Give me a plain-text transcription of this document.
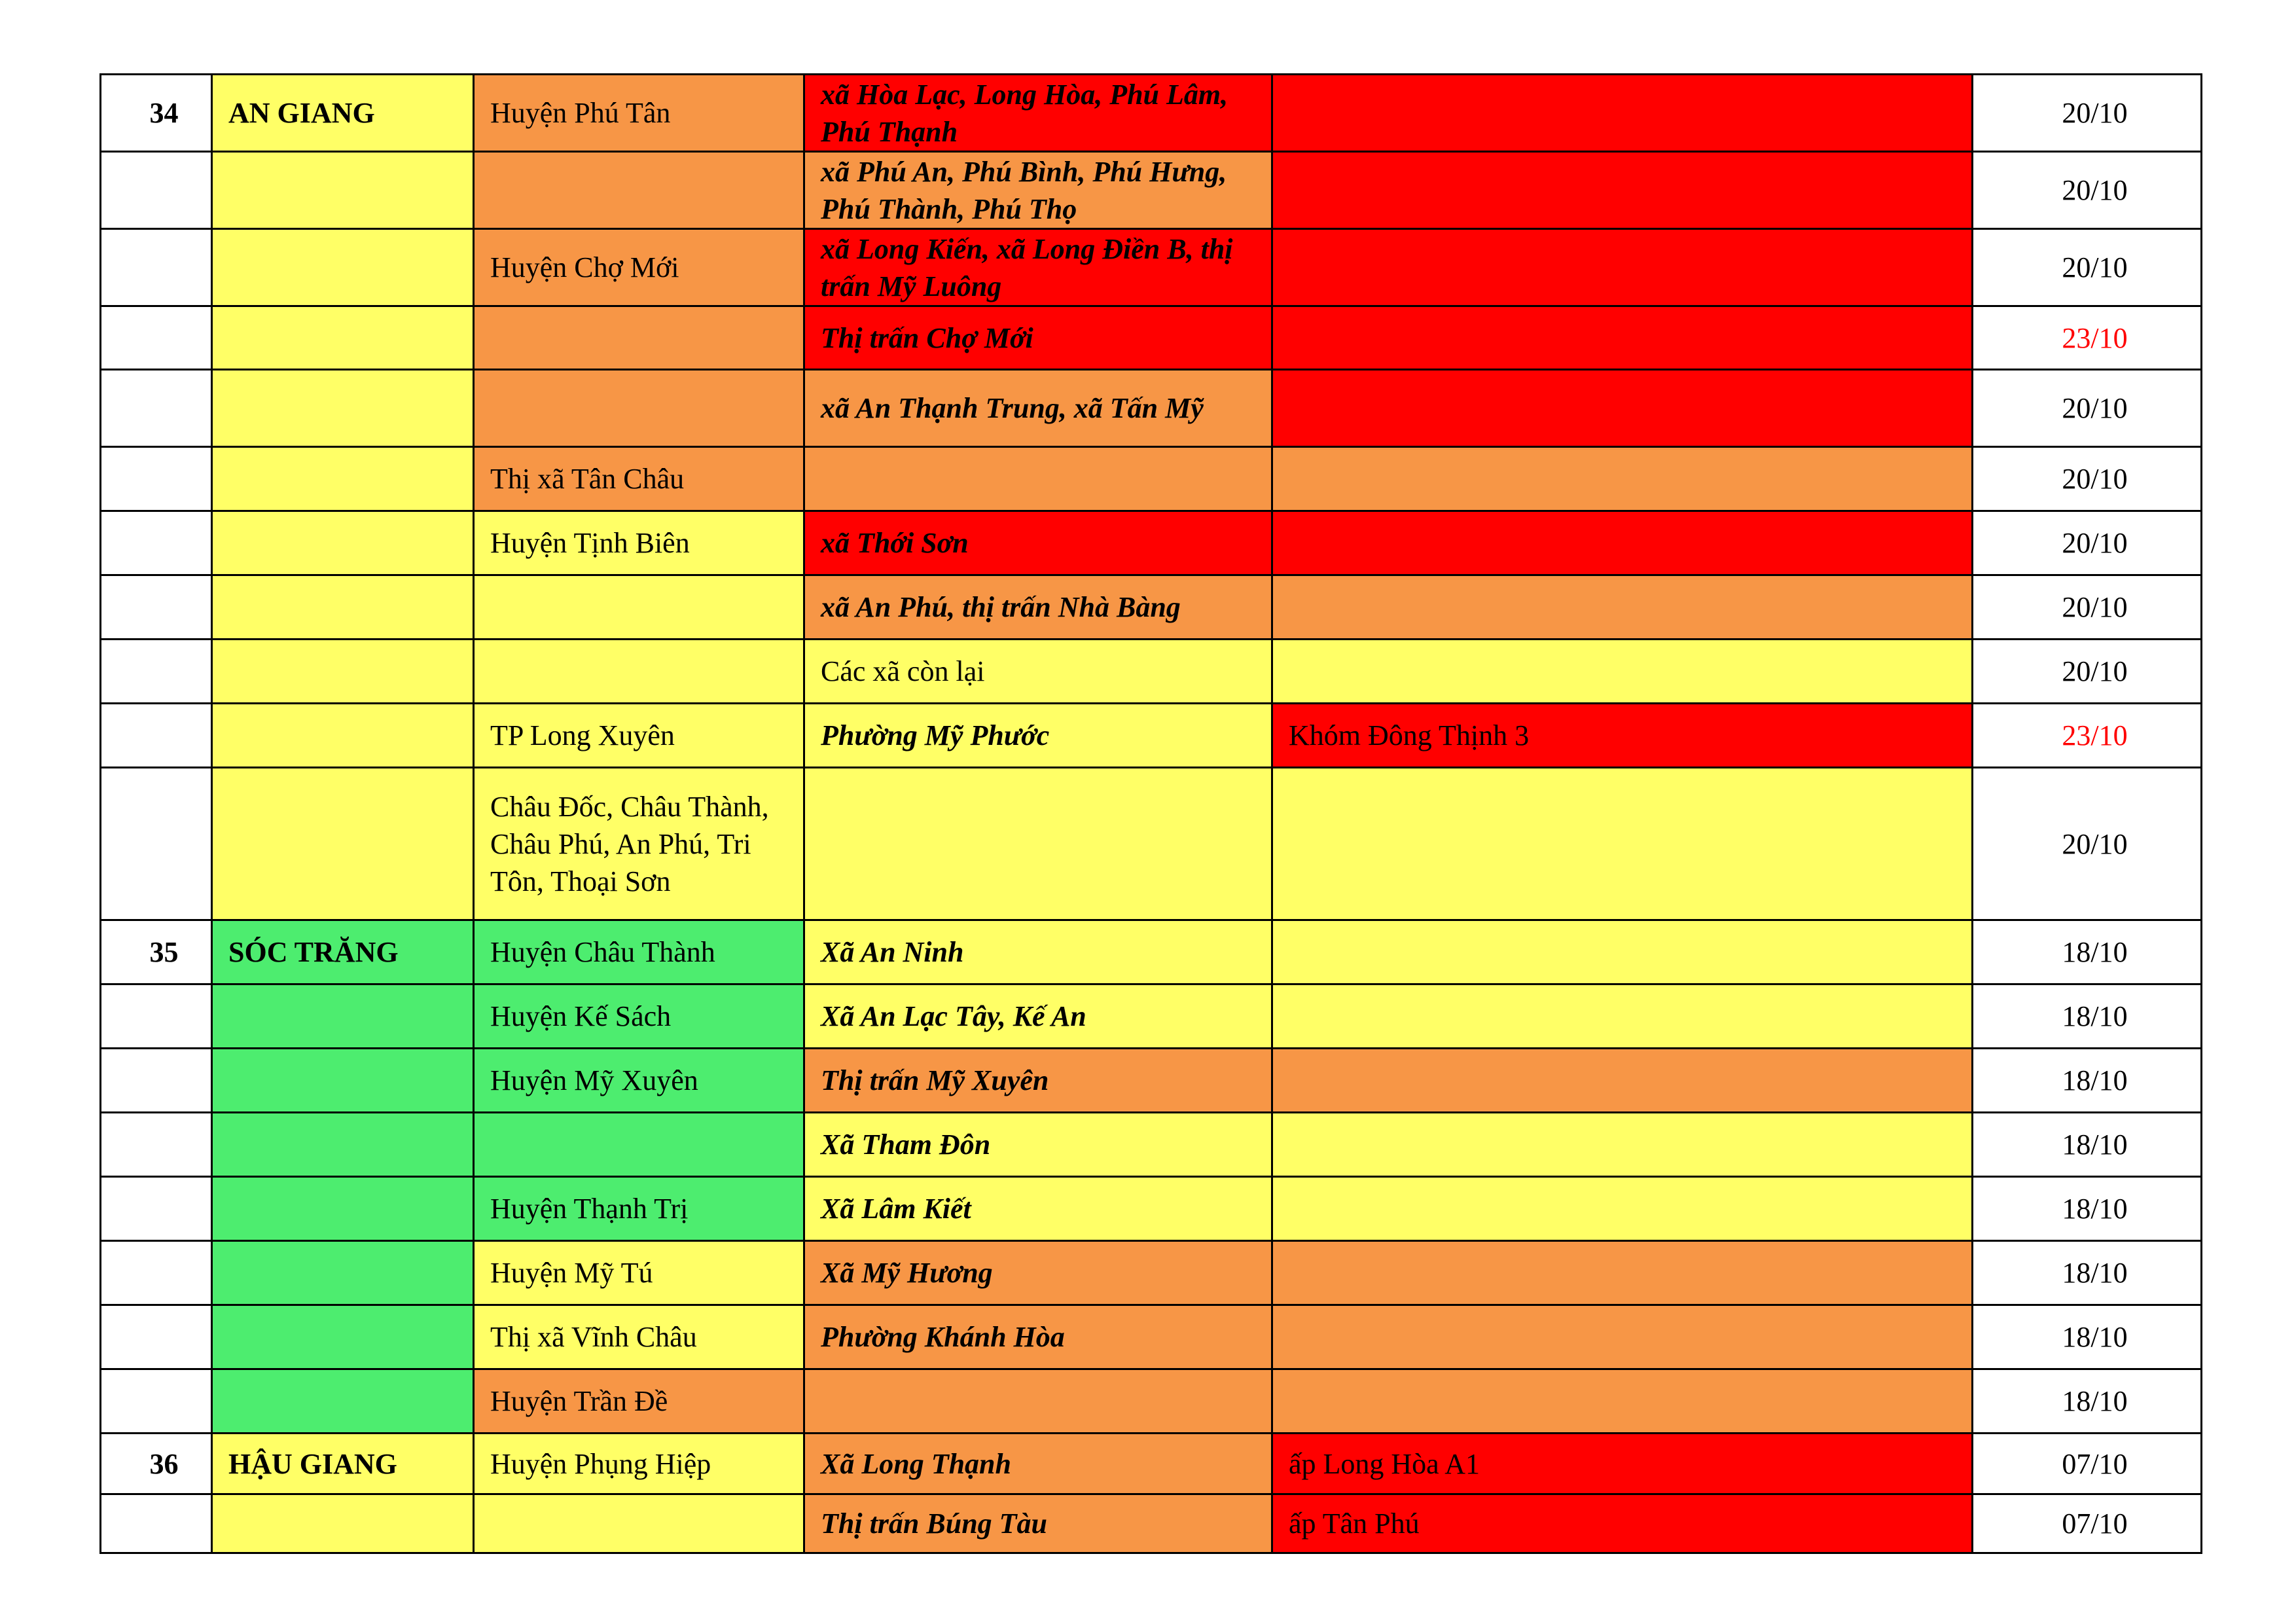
34	AN GIANG	Huyện Phú Tân	xã Hòa Lạc, Long Hòa, Phú Lâm, Phú Thạnh		20/10
			xã Phú An, Phú Bình, Phú Hưng, Phú Thành, Phú Thọ		20/10
		Huyện Chợ Mới	xã Long Kiến, xã Long Điền B, thị trấn Mỹ Luông		20/10
			Thị trấn Chợ Mới		23/10
			xã An Thạnh Trung, xã Tấn Mỹ		20/10
		Thị xã Tân Châu			20/10
		Huyện Tịnh Biên	xã Thới Sơn		20/10
			xã An Phú, thị trấn Nhà Bàng		20/10
			Các xã còn lại		20/10
		TP Long Xuyên	Phường Mỹ Phước	Khóm Đông Thịnh 3	23/10
		Châu Đốc, Châu Thành, Châu Phú, An Phú, Tri Tôn, Thoại Sơn			20/10
35	SÓC TRĂNG	Huyện Châu Thành	Xã An Ninh		18/10
		Huyện Kế Sách	Xã An Lạc Tây, Kế An		18/10
		Huyện Mỹ Xuyên	Thị trấn Mỹ Xuyên		18/10
			Xã Tham Đôn		18/10
		Huyện Thạnh Trị	Xã Lâm Kiết		18/10
		Huyện Mỹ Tú	Xã Mỹ Hương		18/10
		Thị xã Vĩnh Châu	Phường Khánh Hòa		18/10
		Huyện Trần Đề			18/10
36	HẬU GIANG	Huyện Phụng Hiệp	Xã Long Thạnh	ấp Long Hòa A1	07/10
			Thị trấn Búng Tàu	ấp Tân Phú	07/10
